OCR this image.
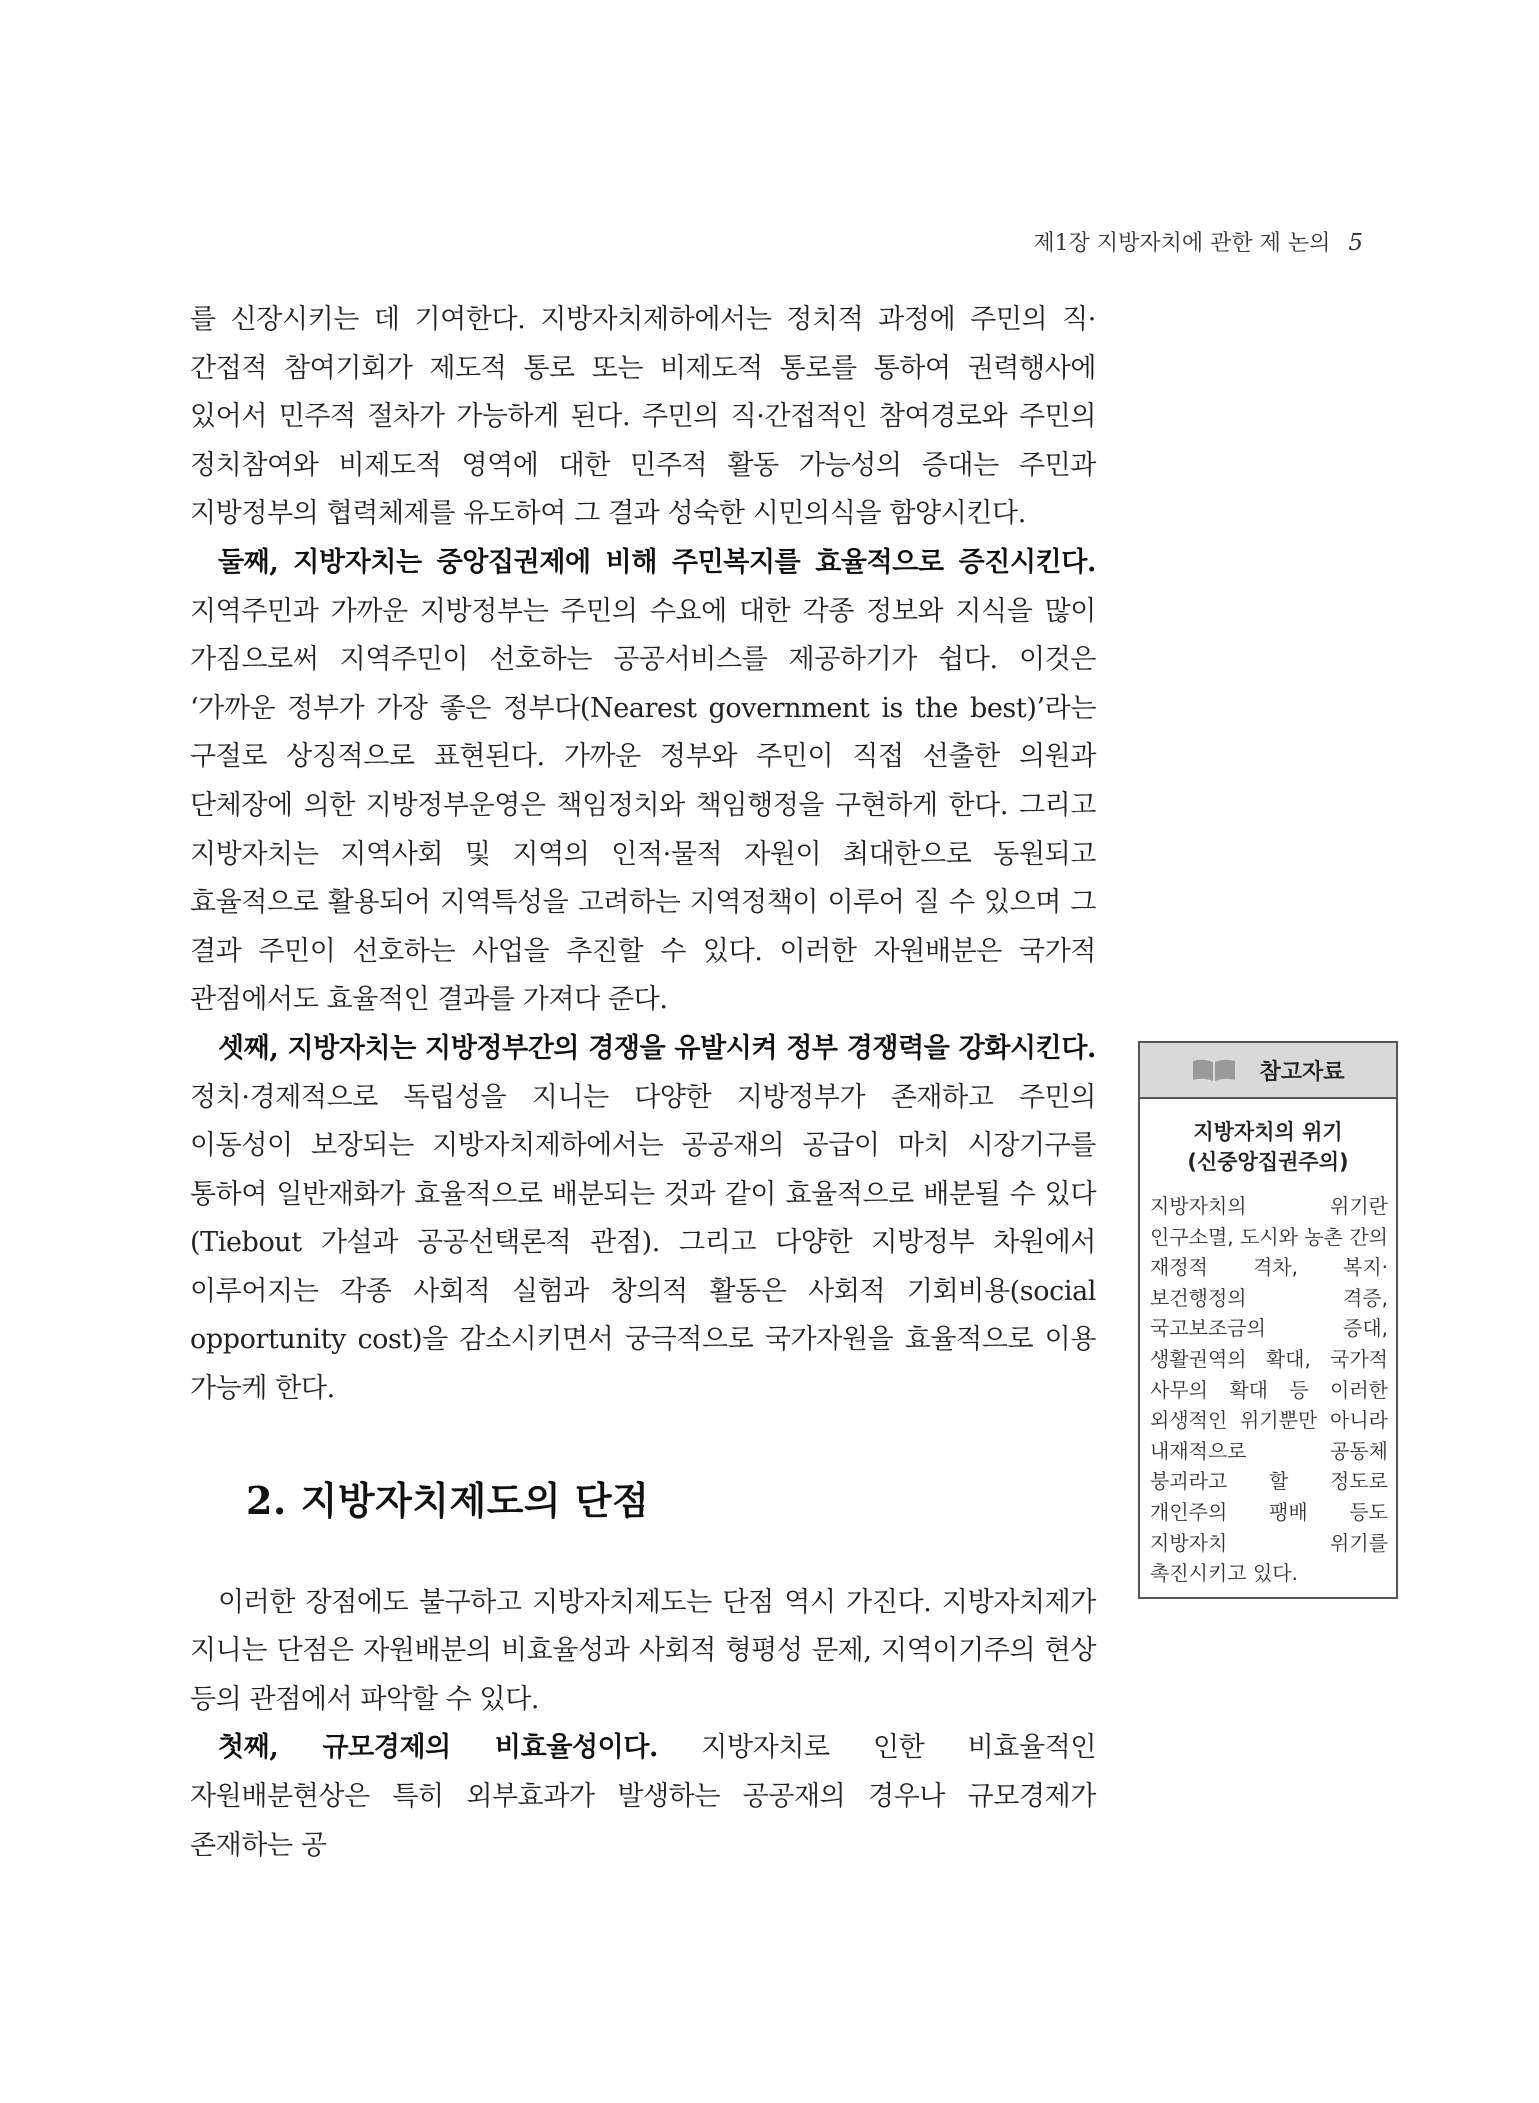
제1장 지방자치에 관한 제 논의 5

를 신장시키는 데 기여한다. 지방자치제하에서는 정치적 과정에 주민의 직·간접적 참여기회가 제도적 통로 또는 비제도적 통로를 통하여 권력행사에 있어서 민주적 절차가 가능하게 된다. 주민의 직·간접적인 참여경로와 주민의 정치참여와 비제도적 영역에 대한 민주적 활동 가능성의 증대는 주민과 지방정부의 협력체제를 유도하여 그 결과 성숙한 시민의식을 함양시킨다.

둘째, 지방자치는 중앙집권제에 비해 주민복지를 효율적으로 증진시킨다. 지역주민과 가까운 지방정부는 주민의 수요에 대한 각종 정보와 지식을 많이 가짐으로써 지역주민이 선호하는 공공서비스를 제공하기가 쉽다. 이것은 ‘가까운 정부가 가장 좋은 정부다(Nearest government is the best)’라는 구절로 상징적으로 표현된다. 가까운 정부와 주민이 직접 선출한 의원과 단체장에 의한 지방정부운영은 책임정치와 책임행정을 구현하게 한다. 그리고 지방자치는 지역사회 및 지역의 인적·물적 자원이 최대한으로 동원되고 효율적으로 활용되어 지역특성을 고려하는 지역정책이 이루어 질 수 있으며 그 결과 주민이 선호하는 사업을 추진할 수 있다. 이러한 자원배분은 국가적 관점에서도 효율적인 결과를 가져다 준다.

셋째, 지방자치는 지방정부간의 경쟁을 유발시켜 정부 경쟁력을 강화시킨다. 정치·경제적으로 독립성을 지니는 다양한 지방정부가 존재하고 주민의 이동성이 보장되는 지방자치제하에서는 공공재의 공급이 마치 시장기구를 통하여 일반재화가 효율적으로 배분되는 것과 같이 효율적으로 배분될 수 있다(Tiebout 가설과 공공선택론적 관점). 그리고 다양한 지방정부 차원에서 이루어지는 각종 사회적 실험과 창의적 활동은 사회적 기회비용(social opportunity cost)을 감소시키면서 궁극적으로 국가자원을 효율적으로 이용 가능케 한다.

2. 지방자치제도의 단점

이러한 장점에도 불구하고 지방자치제도는 단점 역시 가진다. 지방자치제가 지니는 단점은 자원배분의 비효율성과 사회적 형평성 문제, 지역이기주의 현상 등의 관점에서 파악할 수 있다.

첫째, 규모경제의 비효율성이다. 지방자치로 인한 비효율적인 자원배분현상은 특히 외부효과가 발생하는 공공재의 경우나 규모경제가 존재하는 공

참고자료
지방자치의 위기
(신중앙집권주의)
지방자치의 위기란 인구소멸, 도시와 농촌 간의 재정적 격차, 복지·보건행정의 격증, 국고보조금의 증대, 생활권역의 확대, 국가적 사무의 확대 등 이러한 외생적인 위기뿐만 아니라 내재적으로 공동체 붕괴라고 할 정도로 개인주의 팽배 등도 지방자치 위기를 촉진시키고 있다.
